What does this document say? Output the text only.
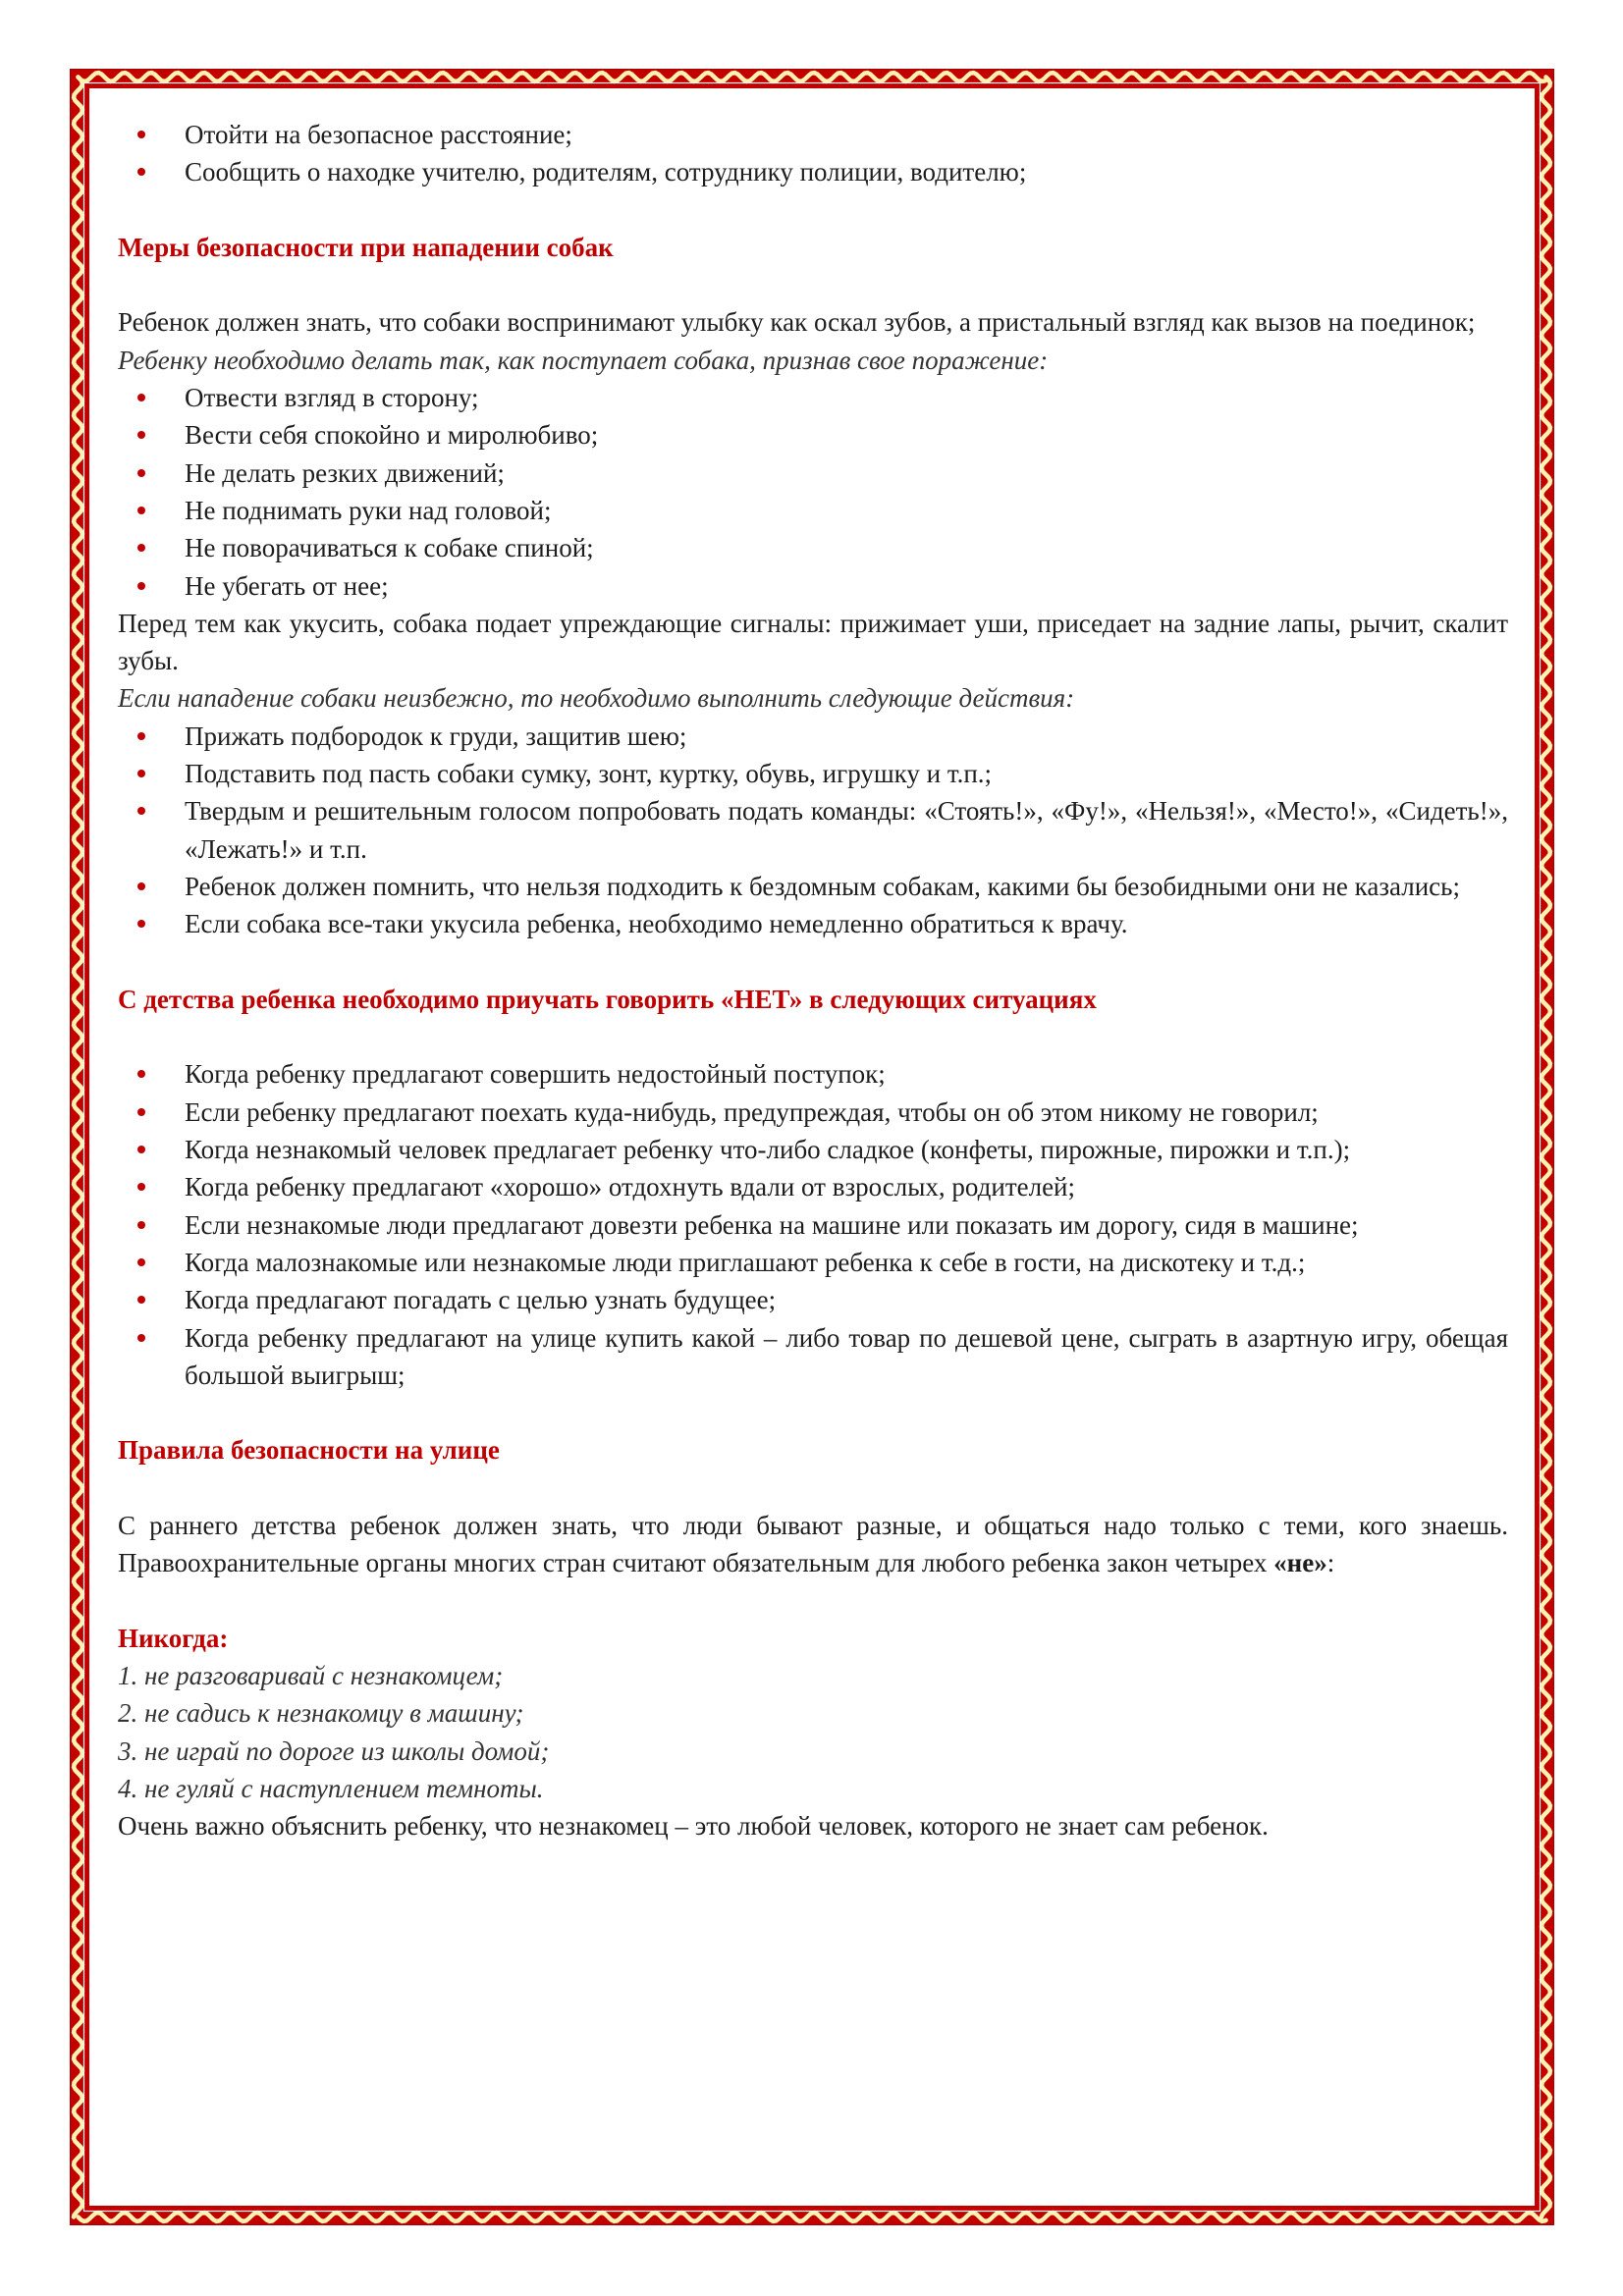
Отойти на безопасное расстояние;
Сообщить о находке учителю, родителям, сотруднику полиции, водителю;
Меры безопасности при нападении собак
Ребенок должен знать, что собаки воспринимают улыбку как оскал зубов, а пристальный взгляд как вызов на поединок;
Ребенку необходимо делать так, как поступает собака, признав свое поражение:
Отвести взгляд в сторону;
Вести себя спокойно и миролюбиво;
Не делать резких движений;
Не поднимать руки над головой;
Не поворачиваться к собаке спиной;
Не убегать от нее;
Перед тем как укусить, собака подает упреждающие сигналы: прижимает уши, приседает на задние лапы, рычит, скалит зубы.
Если нападение собаки неизбежно, то необходимо выполнить следующие действия:
Прижать подбородок к груди, защитив шею;
Подставить под пасть собаки сумку, зонт, куртку, обувь, игрушку и т.п.;
Твердым и решительным голосом попробовать подать команды: «Стоять!», «Фу!», «Нельзя!», «Место!», «Сидеть!», «Лежать!» и т.п.
Ребенок должен помнить, что нельзя подходить к бездомным собакам, какими бы безобидными они не казались;
Если собака все-таки укусила ребенка, необходимо немедленно обратиться к врачу.
С детства ребенка необходимо приучать говорить «НЕТ» в следующих ситуациях
Когда ребенку предлагают совершить недостойный поступок;
Если ребенку предлагают поехать куда-нибудь, предупреждая, чтобы он об этом никому не говорил;
Когда незнакомый человек предлагает ребенку что-либо сладкое (конфеты, пирожные, пирожки и т.п.);
Когда ребенку предлагают «хорошо» отдохнуть вдали от взрослых, родителей;
Если незнакомые люди предлагают довезти ребенка на машине или показать им дорогу, сидя в машине;
Когда малознакомые или незнакомые люди приглашают ребенка к себе в гости, на дискотеку и т.д.;
Когда предлагают погадать с целью узнать будущее;
Когда ребенку предлагают на улице купить какой – либо товар по дешевой цене, сыграть в азартную игру, обещая большой выигрыш;
Правила безопасности на улице
С раннего детства ребенок должен знать, что люди бывают разные, и общаться надо только с теми, кого знаешь. Правоохранительные органы многих стран считают обязательным для любого ребенка закон четырех «не»:
Никогда:
1. не разговаривай с незнакомцем;
2. не садись к незнакомцу в машину;
3. не играй по дороге из школы домой;
4. не гуляй с наступлением темноты.
Очень важно объяснить ребенку, что незнакомец – это любой человек, которого не знает сам ребенок.
